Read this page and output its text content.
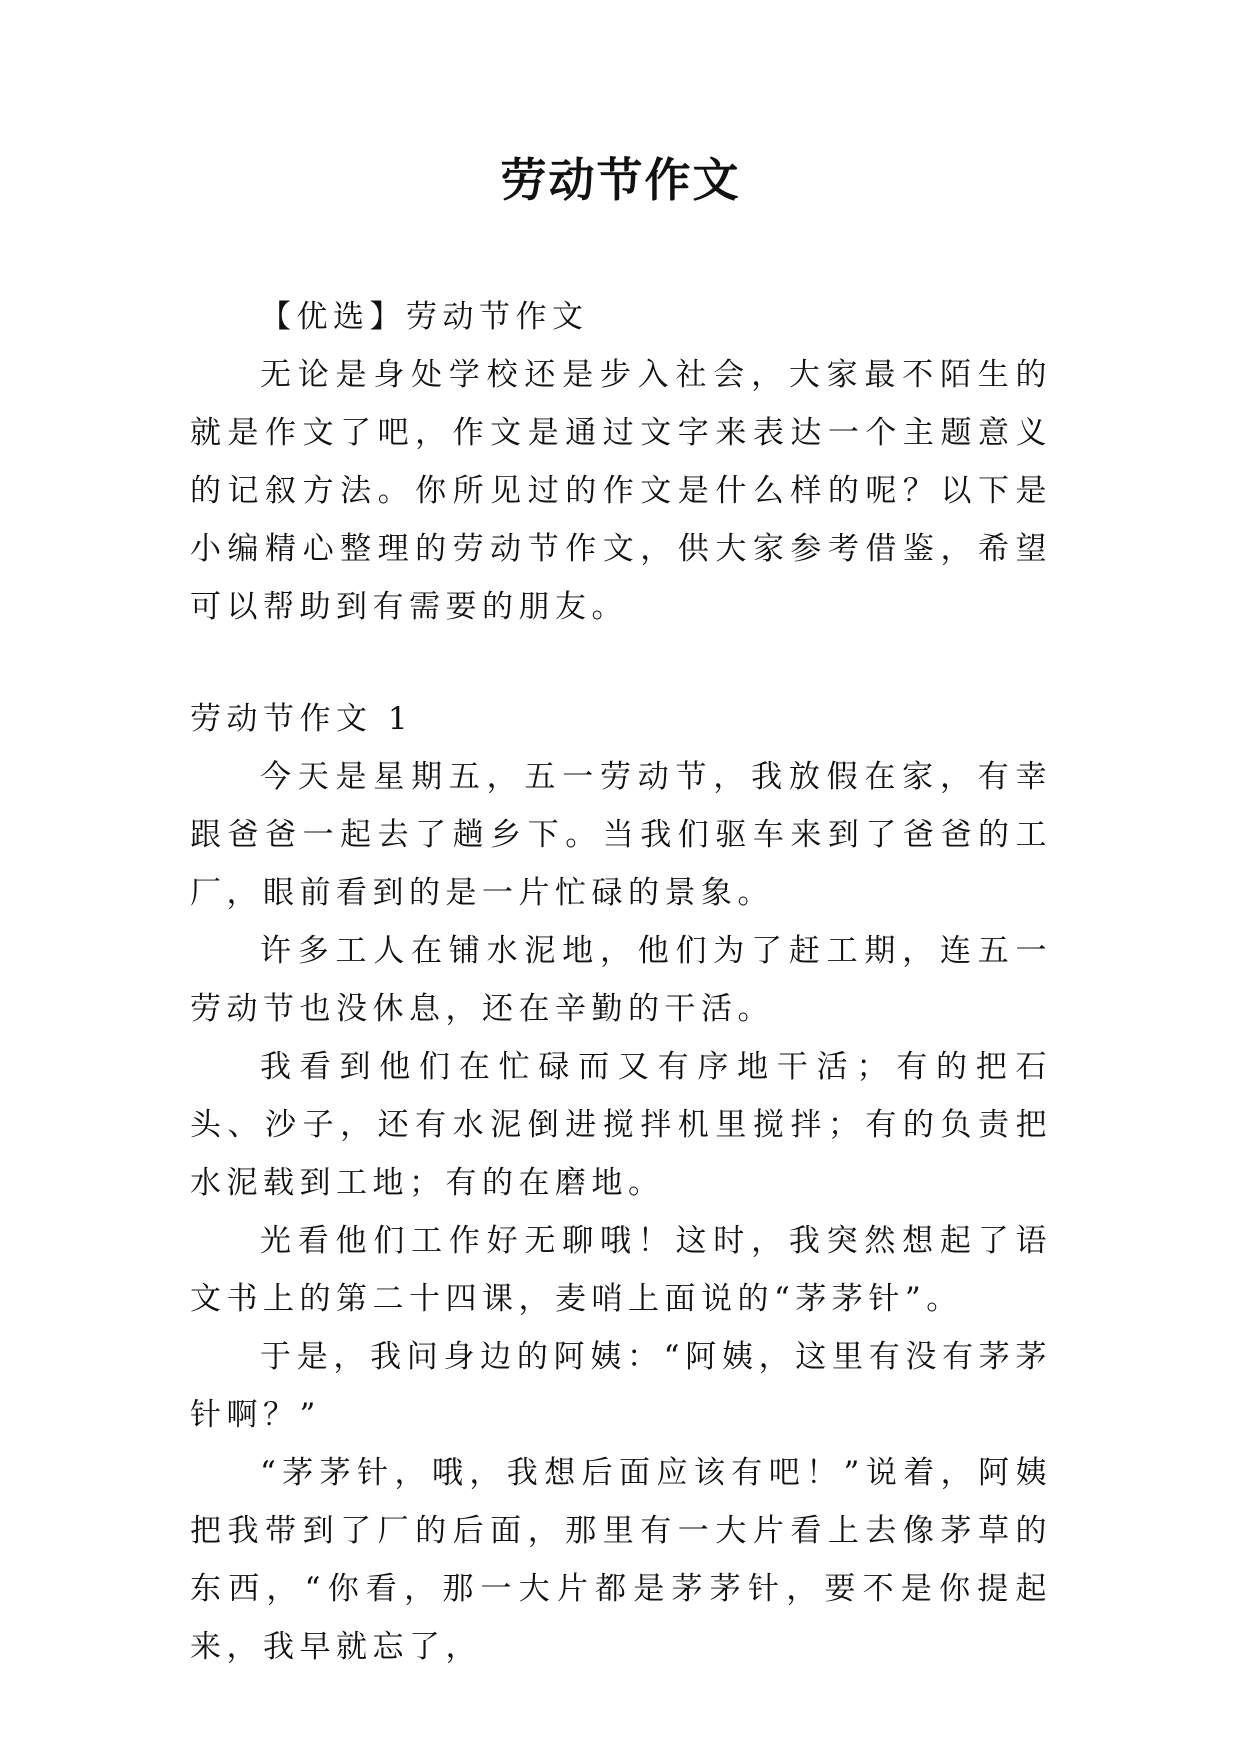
劳动节作文

【优选】劳动节作文

无论是身处学校还是步入社会，大家最不陌生的就是作文了吧，作文是通过文字来表达一个主题意义的记叙方法。你所见过的作文是什么样的呢？以下是小编精心整理的劳动节作文，供大家参考借鉴，希望可以帮助到有需要的朋友。

劳动节作文 1

今天是星期五，五一劳动节，我放假在家，有幸跟爸爸一起去了趟乡下。当我们驱车来到了爸爸的工厂，眼前看到的是一片忙碌的景象。

许多工人在铺水泥地，他们为了赶工期，连五一劳动节也没休息，还在辛勤的干活。

我看到他们在忙碌而又有序地干活；有的把石头、沙子，还有水泥倒进搅拌机里搅拌；有的负责把水泥载到工地；有的在磨地。

光看他们工作好无聊哦！这时，我突然想起了语文书上的第二十四课，麦哨上面说的“茅茅针”。

于是，我问身边的阿姨：“阿姨，这里有没有茅茅针啊？”

“茅茅针，哦，我想后面应该有吧！”说着，阿姨把我带到了厂的后面，那里有一大片看上去像茅草的东西，“你看，那一大片都是茅茅针，要不是你提起来，我早就忘了，
